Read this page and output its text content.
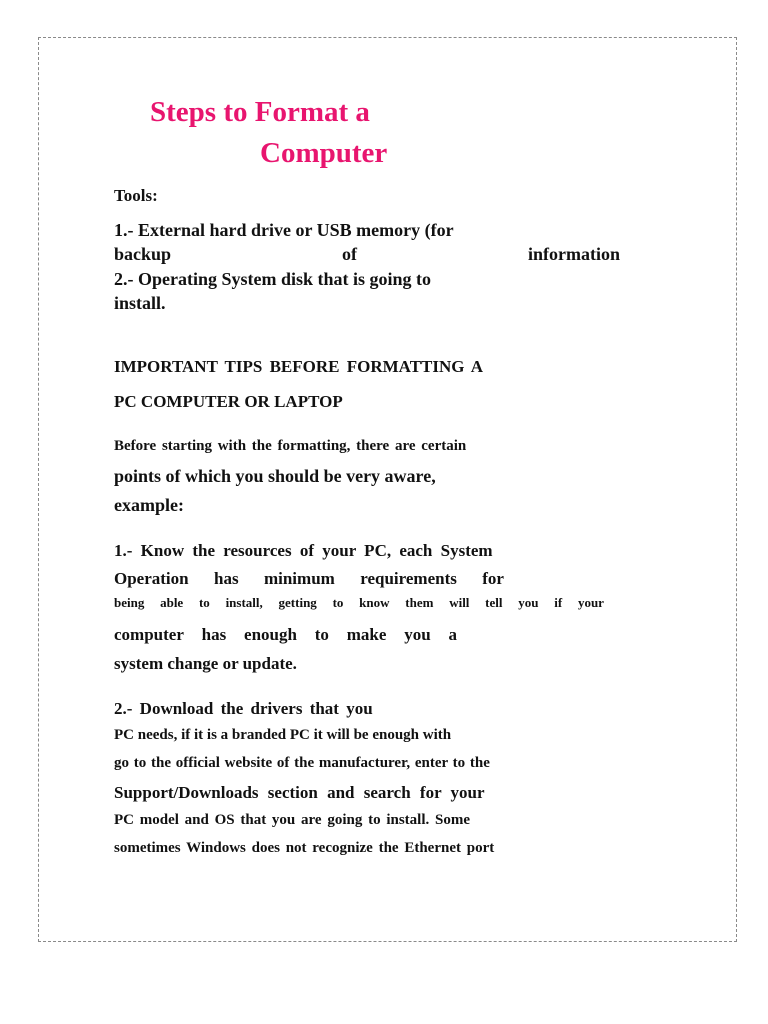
Steps to Format a
Computer
Tools:
1.- External hard drive or USB memory (for
backup	of	information
2.- Operating System disk that is going to
install.
IMPORTANT TIPS BEFORE FORMATTING A
PC COMPUTER OR LAPTOP
Before starting with the formatting, there are certain
points of which you should be very aware,
example:
1.- Know the resources of your PC, each System
Operation has minimum requirements for
being able to install, getting to know them will tell you if your
computer has enough to make you a
system change or update.
2.- Download the drivers that you
PC needs, if it is a branded PC it will be enough with
go to the official website of the manufacturer, enter to the
Support/Downloads section and search for your
PC model and OS that you are going to install. Some
sometimes Windows does not recognize the Ethernet port
